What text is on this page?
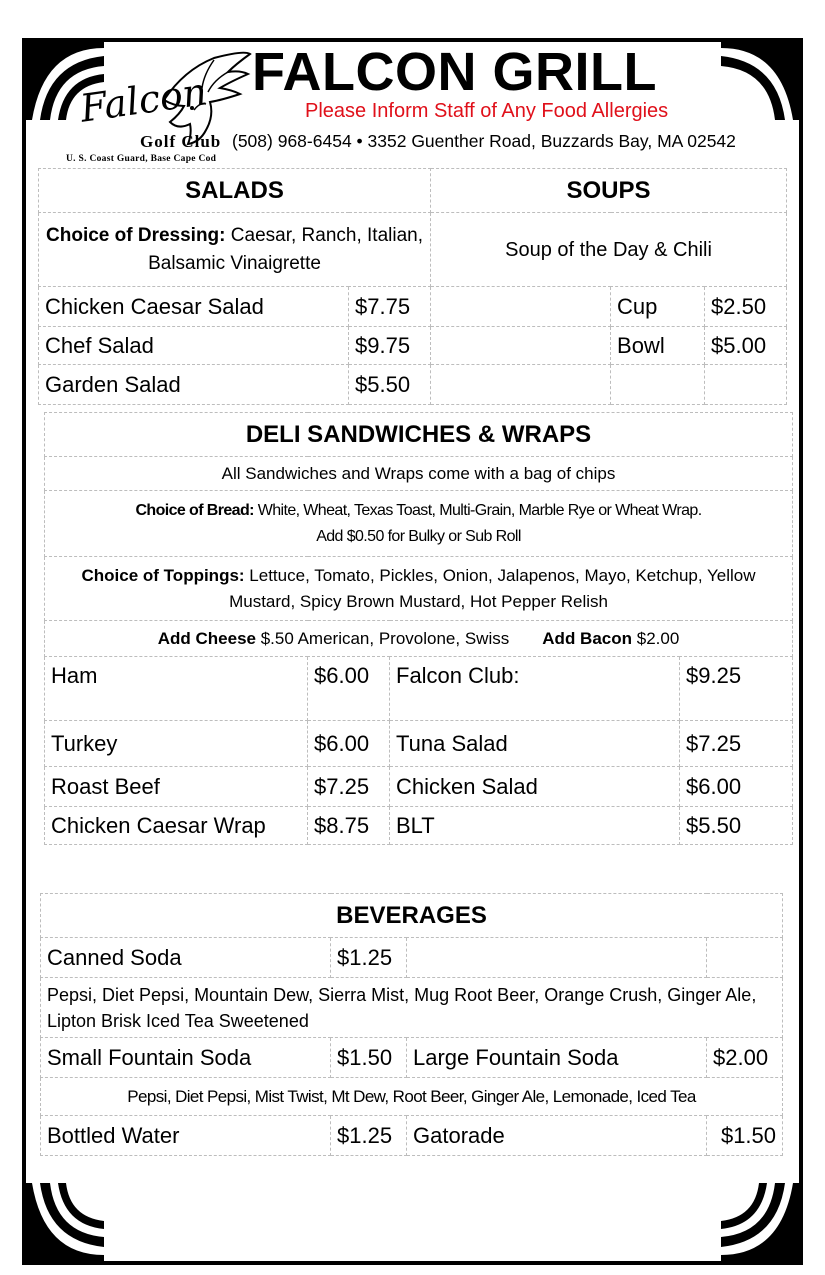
Falcon
Golf Club
U. S. Coast Guard, Base Cape Cod
FALCON GRILL
Please Inform Staff of Any Food Allergies
(508) 968-6454 • 3352 Guenther Road, Buzzards Bay, MA 02542
SALADS		SOUPS		
Choice of Dressing: Caesar, Ranch, Italian, Balsamic Vinaigrette		Soup of the Day & Chili		
Chicken Caesar Salad	$7.75		Cup	$2.50
Chef Salad	$9.75		Bowl	$5.00
Garden Salad	$5.50			
DELI SANDWICHES & WRAPS			
All Sandwiches and Wraps come with a bag of chips			
Choice of Bread: White, Wheat, Texas Toast, Multi-Grain, Marble Rye or Wheat Wrap.
Add $0.50 for Bulky or Sub Roll			
Choice of Toppings: Lettuce, Tomato, Pickles, Onion, Jalapenos, Mayo, Ketchup, Yellow Mustard, Spicy Brown Mustard, Hot Pepper Relish			
Add Cheese $.50 American, Provolone, Swiss Add Bacon $2.00			
Ham	$6.00	Falcon Club:	$9.25
Turkey	$6.00	Tuna Salad	$7.25
Roast Beef	$7.25	Chicken Salad	$6.00
Chicken Caesar Wrap	$8.75	BLT	$5.50
BEVERAGES			
Canned Soda	$1.25		
Pepsi, Diet Pepsi, Mountain Dew, Sierra Mist, Mug Root Beer, Orange Crush, Ginger Ale, Lipton Brisk Iced Tea Sweetened			
Small Fountain Soda	$1.50	Large Fountain Soda	$2.00
Pepsi, Diet Pepsi, Mist Twist, Mt Dew, Root Beer, Ginger Ale, Lemonade, Iced Tea			
Bottled Water	$1.25	Gatorade	$1.50
